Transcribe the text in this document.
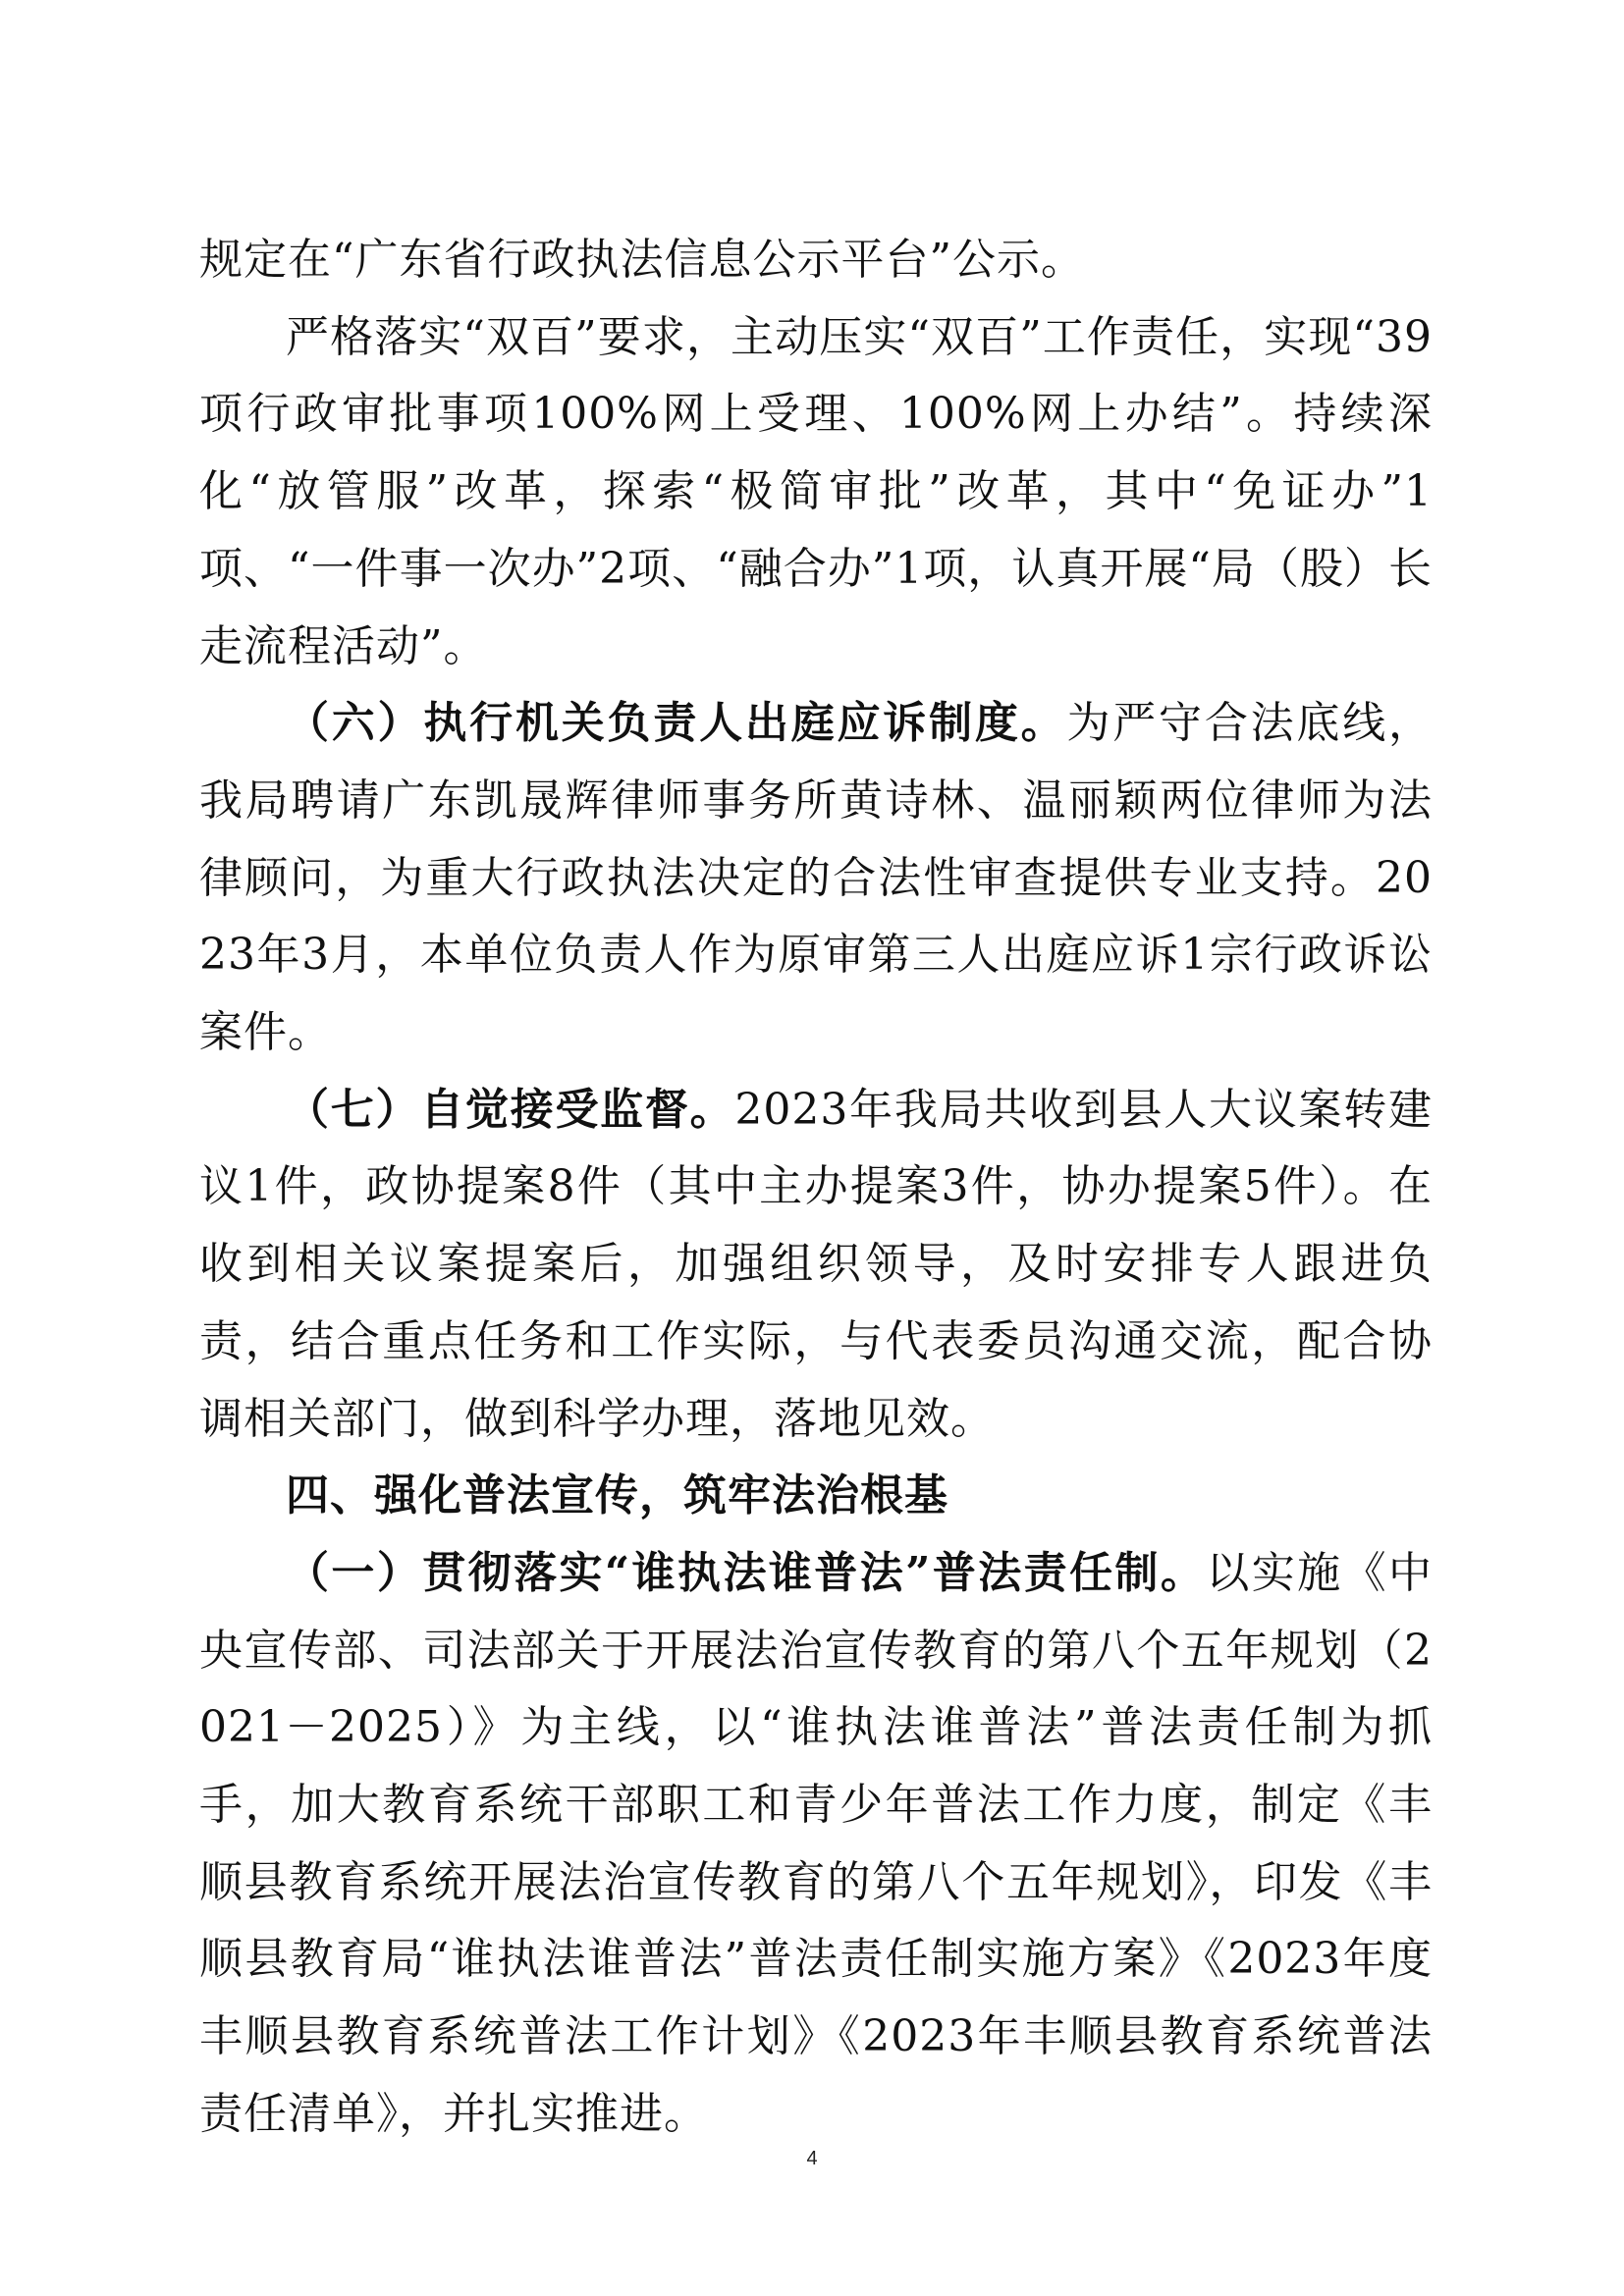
规定在“广东省行政执法信息公示平台”公示。

严格落实“双百”要求，主动压实“双百”工作责任，实现“39项行政审批事项100%网上受理、100%网上办结”。持续深化“放管服”改革，探索“极简审批”改革，其中“免证办”1项、“一件事一次办”2项、“融合办”1项，认真开展“局（股）长走流程活动”。

（六）执行机关负责人出庭应诉制度。为严守合法底线，我局聘请广东凯晟辉律师事务所黄诗林、温丽颖两位律师为法律顾问，为重大行政执法决定的合法性审查提供专业支持。2023年3月，本单位负责人作为原审第三人出庭应诉1宗行政诉讼案件。

（七）自觉接受监督。2023年我局共收到县人大议案转建议1件，政协提案8件（其中主办提案3件，协办提案5件）。在收到相关议案提案后，加强组织领导，及时安排专人跟进负责，结合重点任务和工作实际，与代表委员沟通交流，配合协调相关部门，做到科学办理，落地见效。

四、强化普法宣传，筑牢法治根基

（一）贯彻落实“谁执法谁普法”普法责任制。以实施《中央宣传部、司法部关于开展法治宣传教育的第八个五年规划（2021－2025）》为主线，以“谁执法谁普法”普法责任制为抓手，加大教育系统干部职工和青少年普法工作力度，制定《丰顺县教育系统开展法治宣传教育的第八个五年规划》，印发《丰顺县教育局“谁执法谁普法”普法责任制实施方案》《2023年度丰顺县教育系统普法工作计划》《2023年丰顺县教育系统普法责任清单》，并扎实推进。

4
